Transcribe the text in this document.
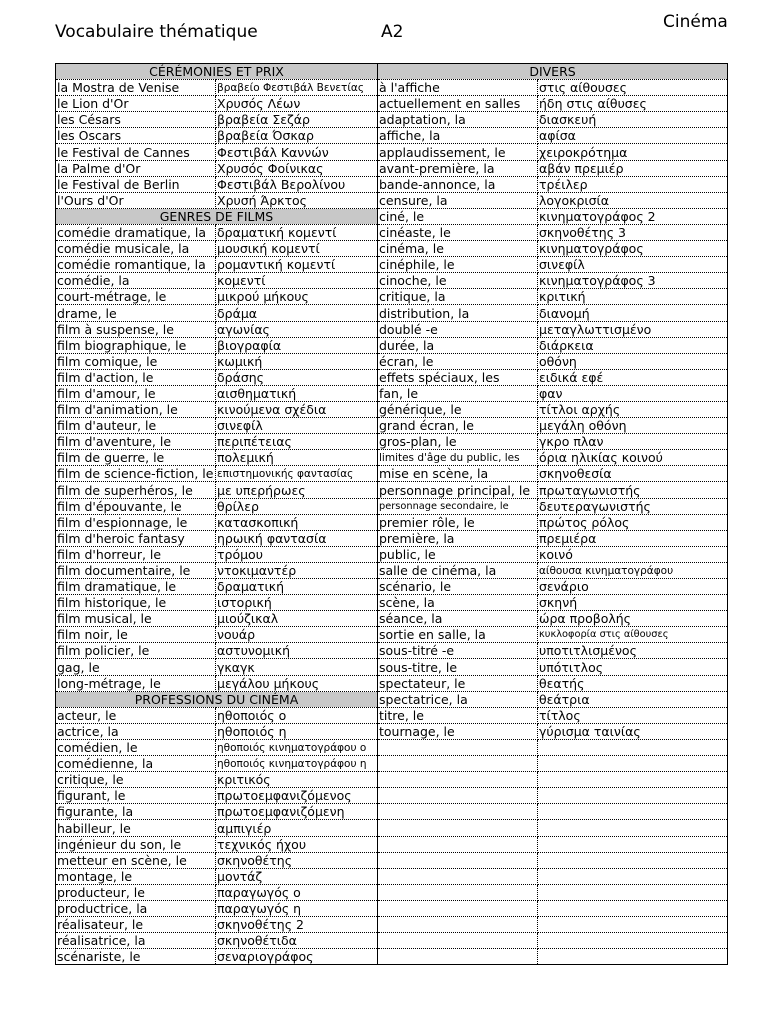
Vocabulaire thématique	A2	Cinéma
CÉRÉMONIES ET PRIX		DIVERS	
la Mostra de Venise	βραβείο Φεστιβάλ Βενετίας	à l'affiche	στις αίθουσες
le Lion d'Or	Χρυσός Λέων	actuellement en salles	ήδη στις αίθυσες
les Césars	βραβεία Σεζάρ	adaptation, la	διασκευή
les Oscars	βραβεία Όσκαρ	affiche, la	αφίσα
le Festival de Cannes	Φεστιβάλ Καννών	applaudissement, le	χειροκρότημα
la Palme d'Or	Χρυσός Φοίνικας	avant-première, la	αβάν πρεμιέρ
le Festival de Berlin	Φεστιβάλ Βερολίνου	bande-annonce, la	τρέιλερ
l'Ours d'Or	Χρυσή Άρκτος	censure, la	λογοκρισία
GENRES DE FILMS		ciné, le	κινηματογράφος 2
comédie dramatique, la	δραματική κομεντί	cinéaste, le	σκηνοθέτης 3
comédie musicale, la	μουσική κομεντί	cinéma, le	κινηματογράφος
comédie romantique, la	ρομαντική κομεντί	cinéphile, le	σινεφίλ
comédie, la	κομεντί	cinoche, le	κινηματογράφος 3
court-métrage, le	μικρού μήκους	critique, la	κριτική
drame, le	δράμα	distribution, la	διανομή
film à suspense, le	αγωνίας	doublé -e	μεταγλωττισμένο
film biographique, le	βιογραφία	durée, la	διάρκεια
film comique, le	κωμική	écran, le	οθόνη
film d'action, le	δράσης	effets spéciaux, les	ειδικά εφέ
film d'amour, le	αισθηματική	fan, le	φαν
film d'animation, le	κινούμενα σχέδια	générique, le	τίτλοι αρχής
film d'auteur, le	σινεφίλ	grand écran, le	μεγάλη οθόνη
film d'aventure, le	περιπέτειας	gros-plan, le	γκρο πλαν
film de guerre, le	πολεμική	limites d'âge du public, les	όρια ηλικίας κοινού
film de science-fiction, le	επιστημονικής φαντασίας	mise en scène, la	σκηνοθεσία
film de superhéros, le	με υπερήρωες	personnage principal, le	πρωταγωνιστής
film d'épouvante, le	θρίλερ	personnage secondaire, le	δευτεραγωνιστής
film d'espionnage, le	κατασκοπική	premier rôle, le	πρώτος ρόλος
film d'heroic fantasy	ηρωική φαντασία	première, la	πρεμιέρα
film d'horreur, le	τρόμου	public, le	κοινό
film documentaire, le	ντοκιμαντέρ	salle de cinéma, la	αίθουσα κινηματογράφου
film dramatique, le	δραματική	scénario, le	σενάριο
film historique, le	ιστορική	scène, la	σκηνή
film musical, le	μιούζικαλ	séance, la	ώρα προβολής
film noir, le	νουάρ	sortie en salle, la	κυκλοφορία στις αίθουσες
film policier, le	αστυνομική	sous-titré -e	υποτιτλισμένος
gag, le	γκαγκ	sous-titre, le	υπότιτλος
long-métrage, le	μεγάλου μήκους	spectateur, le	θεατής
PROFESSIONS DU CINÉMA		spectatrice, la	θεάτρια
acteur, le	ηθοποιός ο	titre, le	τίτλος
actrice, la	ηθοποιός η	tournage, le	γύρισμα ταινίας
comédien, le	ηθοποιός κινηματογράφου ο		
comédienne, la	ηθοποιός κινηματογράφου η		
critique, le	κριτικός		
figurant, le	πρωτοεμφανιζόμενος		
figurante, la	πρωτοεμφανιζόμενη		
habilleur, le	αμπιγιέρ		
ingénieur du son, le	τεχνικός ήχου		
metteur en scène, le	σκηνοθέτης		
montage, le	μοντάζ		
producteur, le	παραγωγός ο		
productrice, la	παραγωγός η		
réalisateur, le	σκηνοθέτης 2		
réalisatrice, la	σκηνοθέτιδα		
scénariste, le	σεναριογράφος		
